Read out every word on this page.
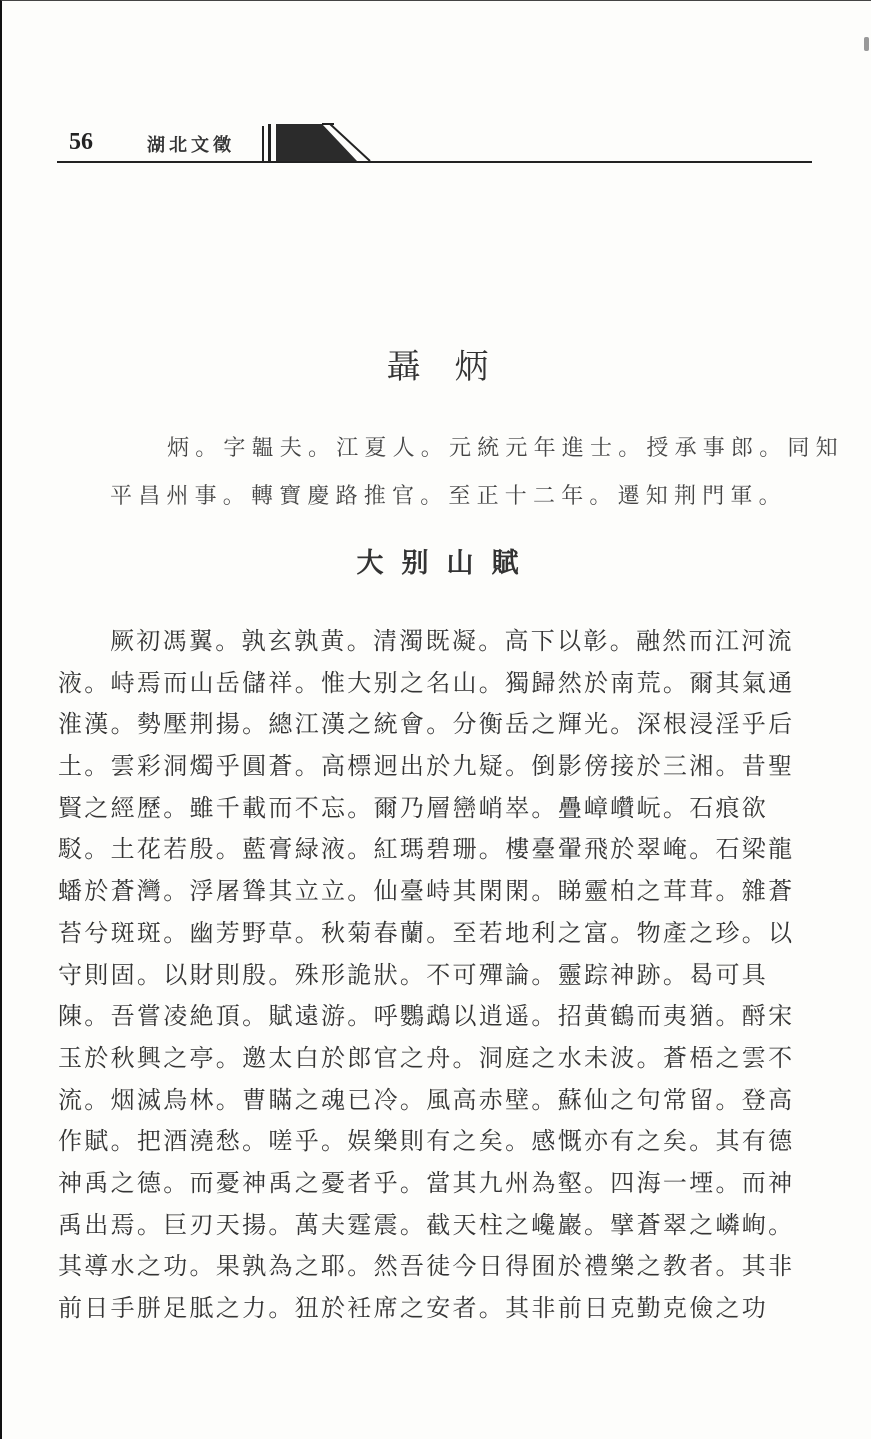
56	湖北文徵
聶炳
炳。字韞夫。江夏人。元統元年進士。授承事郎。同知
平昌州事。轉寶慶路推官。至正十二年。遷知荆門軍。
大别山賦
厥初馮翼。孰玄孰黄。清濁既凝。高下以彰。融然而江河流
液。峙焉而山岳儲祥。惟大别之名山。獨歸然於南荒。爾其氣通
淮漢。勢壓荆揚。總江漢之統會。分衡岳之輝光。深根浸淫乎后
土。雲彩洞燭乎圓蒼。高標迥出於九疑。倒影傍接於三湘。昔聖
賢之經歷。雖千載而不忘。爾乃層巒峭崒。疊嶂巑岏。石痕欲
駁。土花若殷。藍膏緑液。紅瑪碧珊。樓臺翬飛於翠崦。石梁龍
蟠於蒼灣。浮屠聳其立立。仙臺峙其閑閑。睇靈柏之茸茸。雜蒼
苔兮斑斑。幽芳野草。秋菊春蘭。至若地利之富。物產之珍。以
守則固。以財則殷。殊形詭狀。不可殫論。靈踪神跡。曷可具
陳。吾嘗凌絶頂。賦遠游。呼鸚鵡以逍遥。招黄鶴而夷猶。酹宋
玉於秋興之亭。邀太白於郎官之舟。洞庭之水未波。蒼梧之雲不
流。烟滅烏林。曹瞞之魂已冷。風高赤壁。蘇仙之句常留。登高
作賦。把酒澆愁。嗟乎。娱樂則有之矣。感慨亦有之矣。其有德
神禹之德。而憂神禹之憂者乎。當其九州為壑。四海一堙。而神
禹出焉。巨刃天揚。萬夫霆震。截天柱之巉巖。擘蒼翠之嶙峋。
其導水之功。果孰為之耶。然吾徒今日得囿於禮樂之教者。其非
前日手胼足胝之力。狃於衽席之安者。其非前日克勤克儉之功
